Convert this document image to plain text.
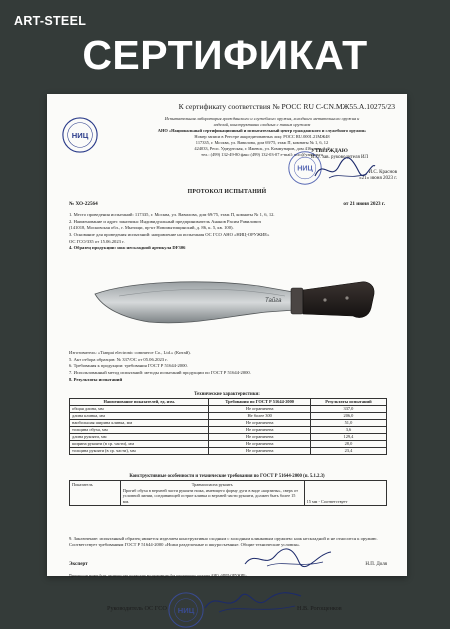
ART-STEEL
СЕРТИФИКАТ
НИЦ
К сертификату соответствия № РОСС RU С-CN.МЖ55.А.10275/23
Испытательная лаборатория гражданского и служебного оружия, холодного метательного оружия и
изделий, конструктивно сходных с таким оружием
АНО «Национальный сертификационный и испытательный центр гражданского и служебного оружия»
Номер записи в Реестре аккредитованных лиц: РОСС RU.0001.21МЖ48
117335, г. Москва, ул. Вавилова, дом 69/75, этаж П, комнаты № 1, 6, 12
424033, Респ. Удмуртская, г. Ижевск, ул. Коммунаров, дом 416, пом. 1, 2
тел.: (499) 132-49-80 факс (499) 132-03-07 e-mail: ncic@yandex.ru
НИЦ
УТВЕРЖДАЮ
И.О. зав. руководителя ИЛ
И.С. Краснов
«21» июня 2023 г.
ПРОТОКОЛ ИСПЫТАНИЙ
№ ХО-22564	от 21 июня 2023 г.
1. Место проведения испытаний: 117335, г. Москва, ул. Вавилова, дом 69/75, этаж П, комнаты № 1, 6, 12.
2. Наименование и адрес заказчика: Индивидуальный предприниматель Ананов Расим Равилович
(141018, Московская обл., г. Мытищи, пр-кт Новомытищинский, д. 86, к. 5, кв. 100).
3. Основание для проведения испытаний: направление на испытания ОС ГСО АНО «НИЦ-ОРУЖИЕ»
ОС ГСО/335 от 15.06.2023 г.
4. Образец продукции: нож нескладной артикула DF306
Тайга
Изготовитель: «Tianpai electronic commerce Co., Ltd.» (Китай).
5. Акт отбора образцов: № 337/ОС от 05.06.2023 г.
6. Требования к продукции: требования ГОСТ Р 51644-2000.
7. Использованный метод испытаний: методы испытаний продукции по ГОСТ Р 51644-2000.
8. Результаты испытаний
Технические характеристики:
Наименование показателей, ед. изм.	Требования по ГОСТ Р 51644-2000	Результаты испытаний
общая длина, мм	Не ограничена	337,0
длина клинка, мм	Не более 300	206,0
наибольшая ширина клинка, мм	Не ограничена	51,0
толщина обуха, мм	Не ограничена	3,6
длина рукояти, мм	Не ограничена	129,4
ширина рукояти (в ср. части), мм	Не ограничена	28,0
толщина рукояти (в ср. части), мм	Не ограничена	23,4
Конструктивные особенности и технические требования по ГОСТ Р 51644-2000 (п. 5.1.2.3)
Показатель	Травмоопасна рукоять
Прогиб обуха в верхней части рукояти ножа, имеющего форму дуги в виде «корзины», сверх от условной линии, соединяющей острие клинка и верхней части рукояти, должен быть более 15 мм.	15 мм - Соответствует
9. Заключение: испытанный образец является изделием конструктивно сходным с холодным клинковым оружием: нож нескладной и не относится к оружию. Соответствует требованиям ГОСТ Р 51644-2000 «Ножи разделочные и шкуросъемные. Общие технические условия».
Эксперт	Н.П. Доля
Протокол не может быть частично или полностью воспроизведен без письменного согласия АНО «НИЦ-ОРУЖИЕ».
НИЦ
Руководитель ОС ГСО	Н.В. Рогощенков
